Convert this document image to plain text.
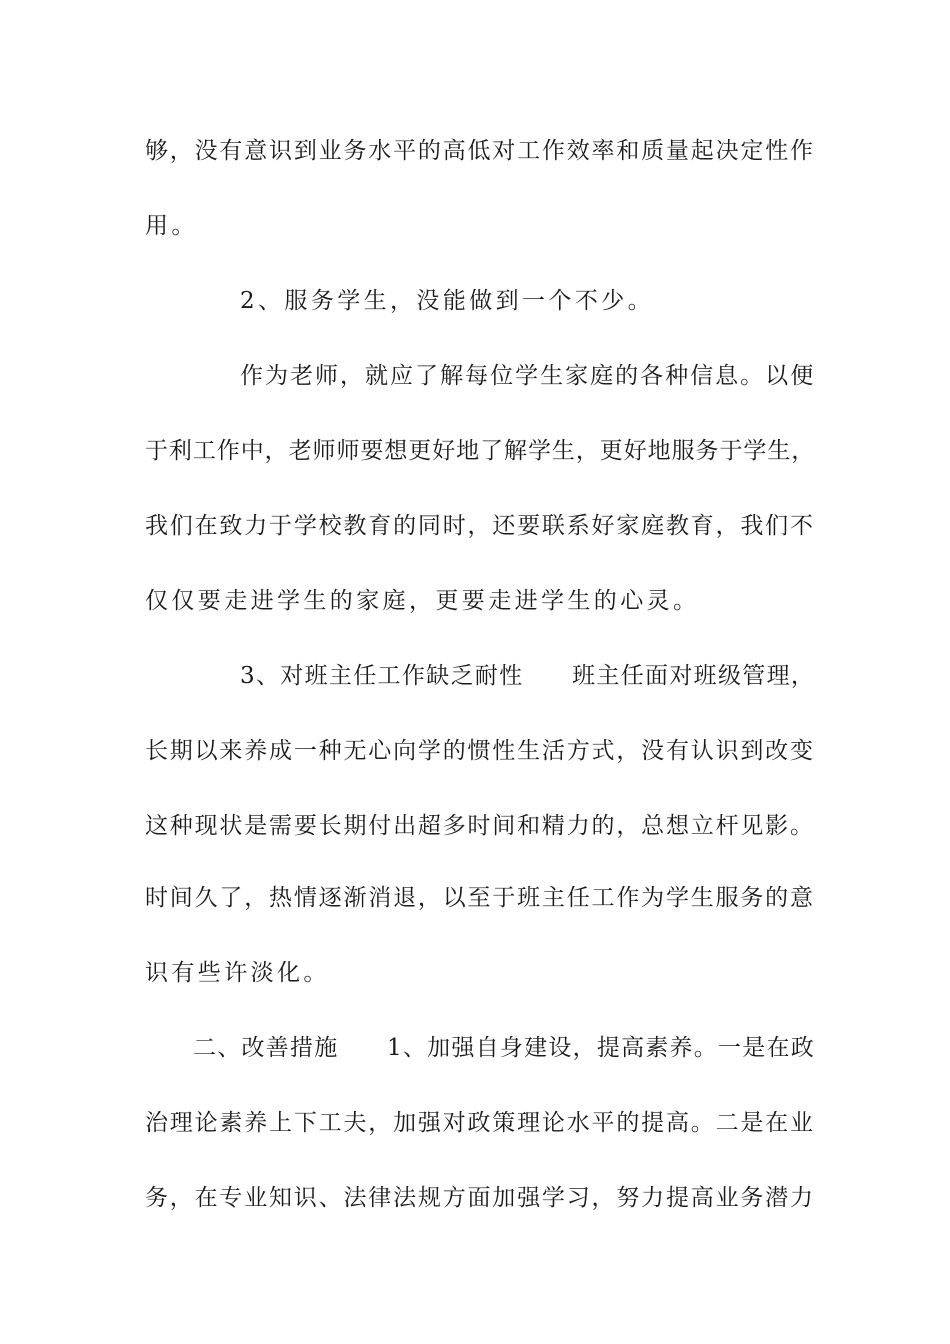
够，没有意识到业务水平的高低对工作效率和质量起决定性作
用。
2、服务学生，没能做到一个不少。
作为老师，就应了解每位学生家庭的各种信息。以便
于利工作中，老师师要想更好地了解学生，更好地服务于学生，
我们在致力于学校教育的同时，还要联系好家庭教育，我们不
仅仅要走进学生的家庭，更要走进学生的心灵。
3、对班主任工作缺乏耐性　　班主任面对班级管理，
长期以来养成一种无心向学的惯性生活方式，没有认识到改变
这种现状是需要长期付出超多时间和精力的，总想立杆见影。
时间久了，热情逐渐消退，以至于班主任工作为学生服务的意
识有些许淡化。
二、改善措施　　1、加强自身建设，提高素养。一是在政
治理论素养上下工夫，加强对政策理论水平的提高。二是在业
务，在专业知识、法律法规方面加强学习，努力提高业务潜力
